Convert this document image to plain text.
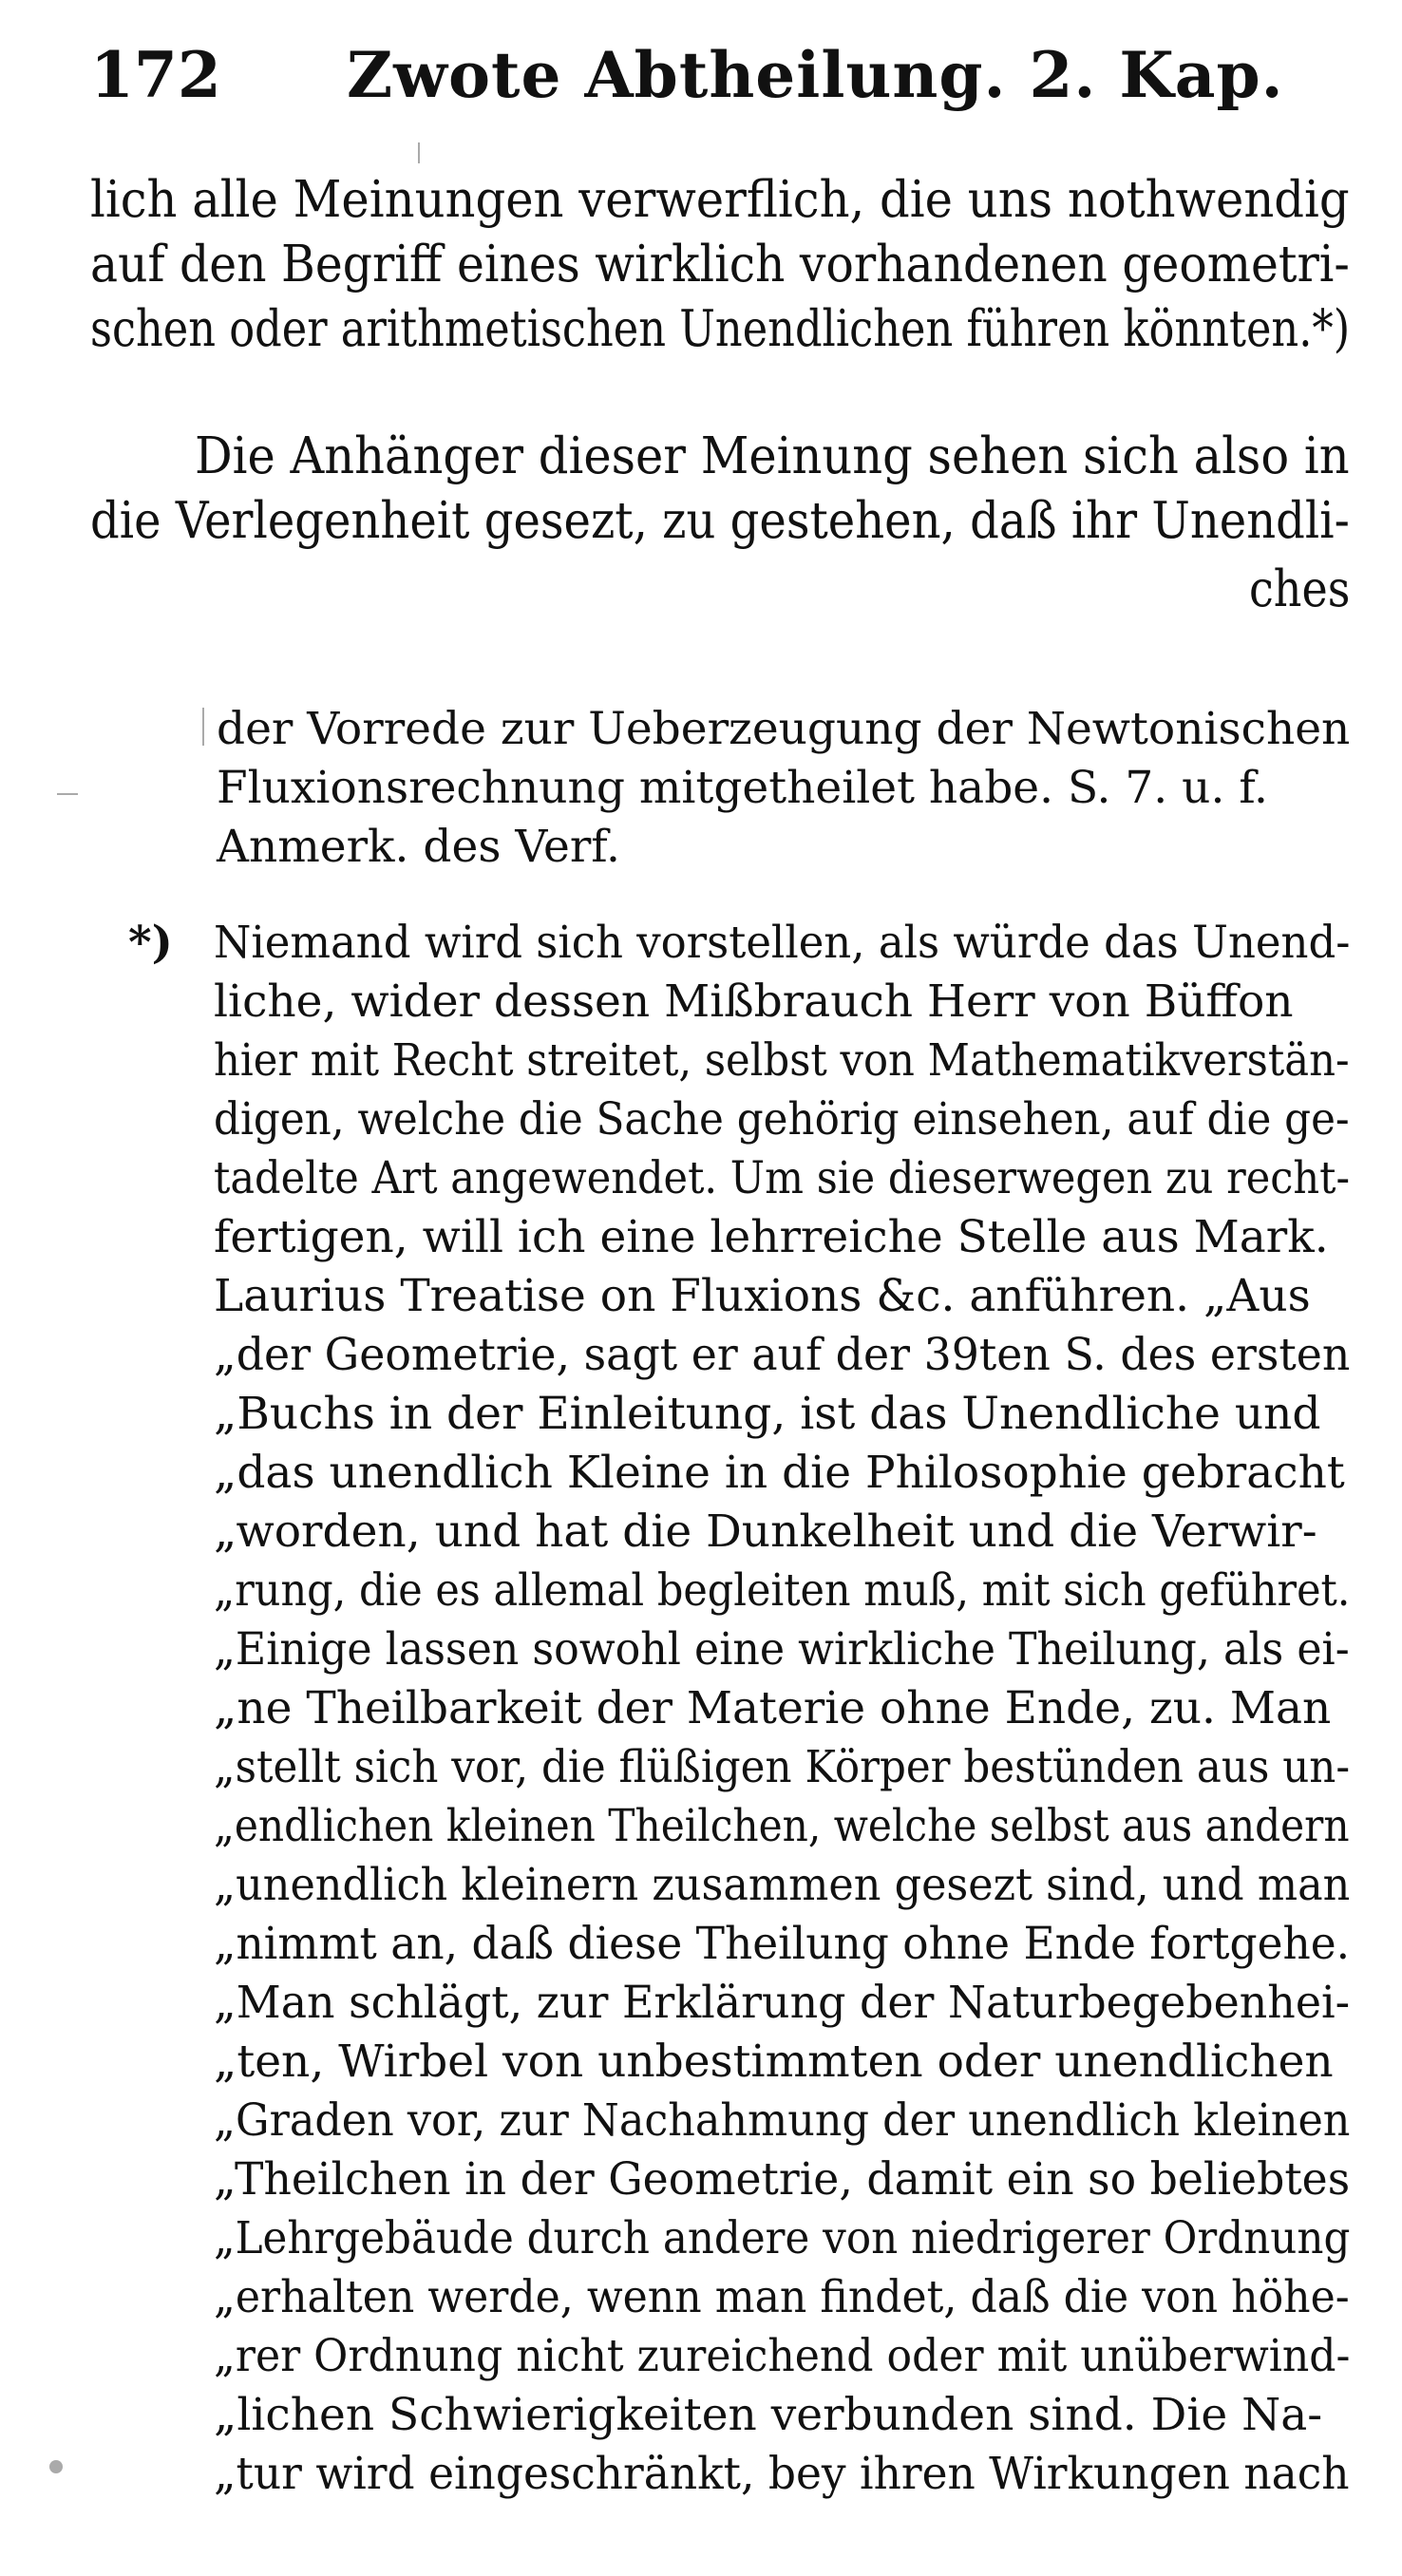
172 Zwote Abtheilung. 2. Kap.
lich alle Meinungen verwerflich, die uns nothwendig
auf den Begriff eines wirklich vorhandenen geometri-
schen oder arithmetischen Unendlichen führen könnten.*)
Die Anhänger dieser Meinung sehen sich also in
die Verlegenheit gesezt, zu gestehen, daß ihr Unendli-
ches
der Vorrede zur Ueberzeugung der Newtonischen
Fluxionsrechnung mitgetheilet habe. S. 7. u. f.
Anmerk. des Verf.
*) Niemand wird sich vorstellen, als würde das Unend-
liche, wider dessen Mißbrauch Herr von Büffon
hier mit Recht streitet, selbst von Mathematikverstän-
digen, welche die Sache gehörig einsehen, auf die ge-
tadelte Art angewendet. Um sie dieserwegen zu recht-
fertigen, will ich eine lehrreiche Stelle aus Mark.
Laurius Treatise on Fluxions &c. anführen. „Aus
„der Geometrie, sagt er auf der 39ten S. des ersten
„Buchs in der Einleitung, ist das Unendliche und
„das unendlich Kleine in die Philosophie gebracht
„worden, und hat die Dunkelheit und die Verwir-
„rung, die es allemal begleiten muß, mit sich geführet.
„Einige lassen sowohl eine wirkliche Theilung, als ei-
„ne Theilbarkeit der Materie ohne Ende, zu. Man
„stellt sich vor, die flüßigen Körper bestünden aus un-
„endlichen kleinen Theilchen, welche selbst aus andern
„unendlich kleinern zusammen gesezt sind, und man
„nimmt an, daß diese Theilung ohne Ende fortgehe.
„Man schlägt, zur Erklärung der Naturbegebenhei-
„ten, Wirbel von unbestimmten oder unendlichen
„Graden vor, zur Nachahmung der unendlich kleinen
„Theilchen in der Geometrie, damit ein so beliebtes
„Lehrgebäude durch andere von niedrigerer Ordnung
„erhalten werde, wenn man findet, daß die von höhe-
„rer Ordnung nicht zureichend oder mit unüberwind-
„lichen Schwierigkeiten verbunden sind. Die Na-
„tur wird eingeschränkt, bey ihren Wirkungen nach
